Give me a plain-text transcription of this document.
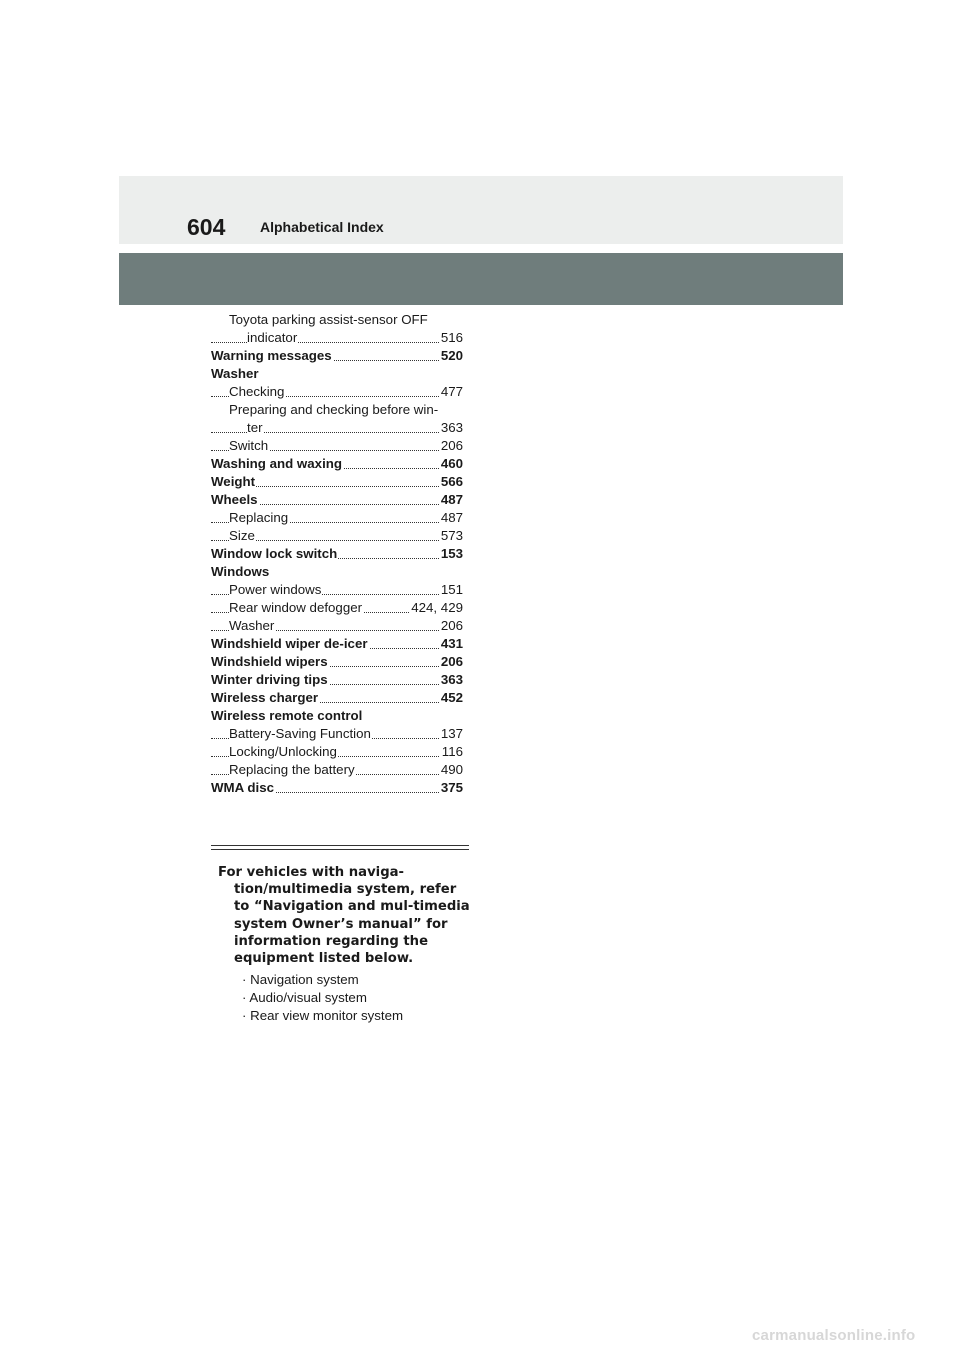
604 Alphabetical Index
Toyota parking assist-sensor OFF
indicator	516
Warning messages	520
Washer
Checking	477
Preparing and checking before win-
ter	363
Switch	206
Washing and waxing	460
Weight	566
Wheels	487
Replacing	487
Size	573
Window lock switch	153
Windows
Power windows	151
Rear window defogger	424, 429
Washer	206
Windshield wiper de-icer	431
Windshield wipers	206
Winter driving tips	363
Wireless charger	452
Wireless remote control
Battery-Saving Function	137
Locking/Unlocking	116
Replacing the battery	490
WMA disc	375
For vehicles with naviga-tion/multimedia system, refer to “Navigation and mul-timedia system Owner’s manual” for information regarding the equipment listed below.
· Navigation system
· Audio/visual system
· Rear view monitor system
carmanualsonline.info
